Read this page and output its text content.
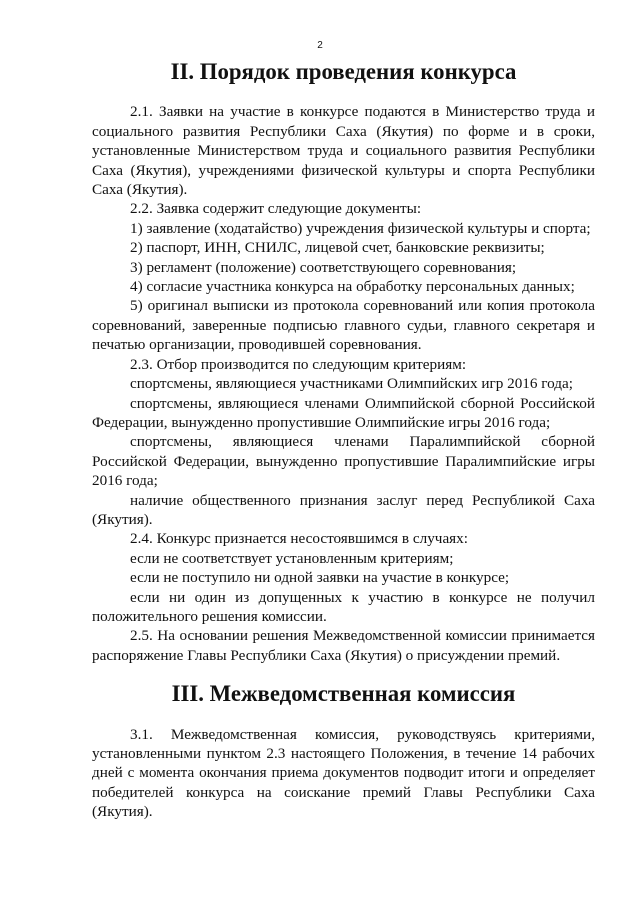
2
II. Порядок проведения конкурса

2.1. Заявки на участие в конкурсе подаются в Министерство труда и социального развития Республики Саха (Якутия) по форме и в сроки, установленные Министерством труда и социального развития Республики Саха (Якутия), учреждениями физической культуры и спорта Республики Саха (Якутия).

2.2. Заявка содержит следующие документы:

1) заявление (ходатайство) учреждения физической культуры и спорта;

2) паспорт, ИНН, СНИЛС, лицевой счет, банковские реквизиты;

3) регламент (положение) соответствующего соревнования;

4) согласие участника конкурса на обработку персональных данных;

5) оригинал выписки из протокола соревнований или копия протокола соревнований, заверенные подписью главного судьи, главного секретаря и печатью организации, проводившей соревнования.

2.3. Отбор производится по следующим критериям:

спортсмены, являющиеся участниками Олимпийских игр 2016 года;

спортсмены, являющиеся членами Олимпийской сборной Российской Федерации, вынужденно пропустившие Олимпийские игры 2016 года;

спортсмены, являющиеся членами Паралимпийской сборной Российской Федерации, вынужденно пропустившие Паралимпийские игры 2016 года;

наличие общественного признания заслуг перед Республикой Саха (Якутия).

2.4. Конкурс признается несостоявшимся в случаях:

если не соответствует установленным критериям;

если не поступило ни одной заявки на участие в конкурсе;

если ни один из допущенных к участию в конкурсе не получил положительного решения комиссии.

2.5. На основании решения Межведомственной комиссии принимается распоряжение Главы Республики Саха (Якутия) о присуждении премий.

III. Межведомственная комиссия

3.1. Межведомственная комиссия, руководствуясь критериями, установленными пунктом 2.3 настоящего Положения, в течение 14 рабочих дней с момента окончания приема документов подводит итоги и определяет победителей конкурса на соискание премий Главы Республики Саха (Якутия).
